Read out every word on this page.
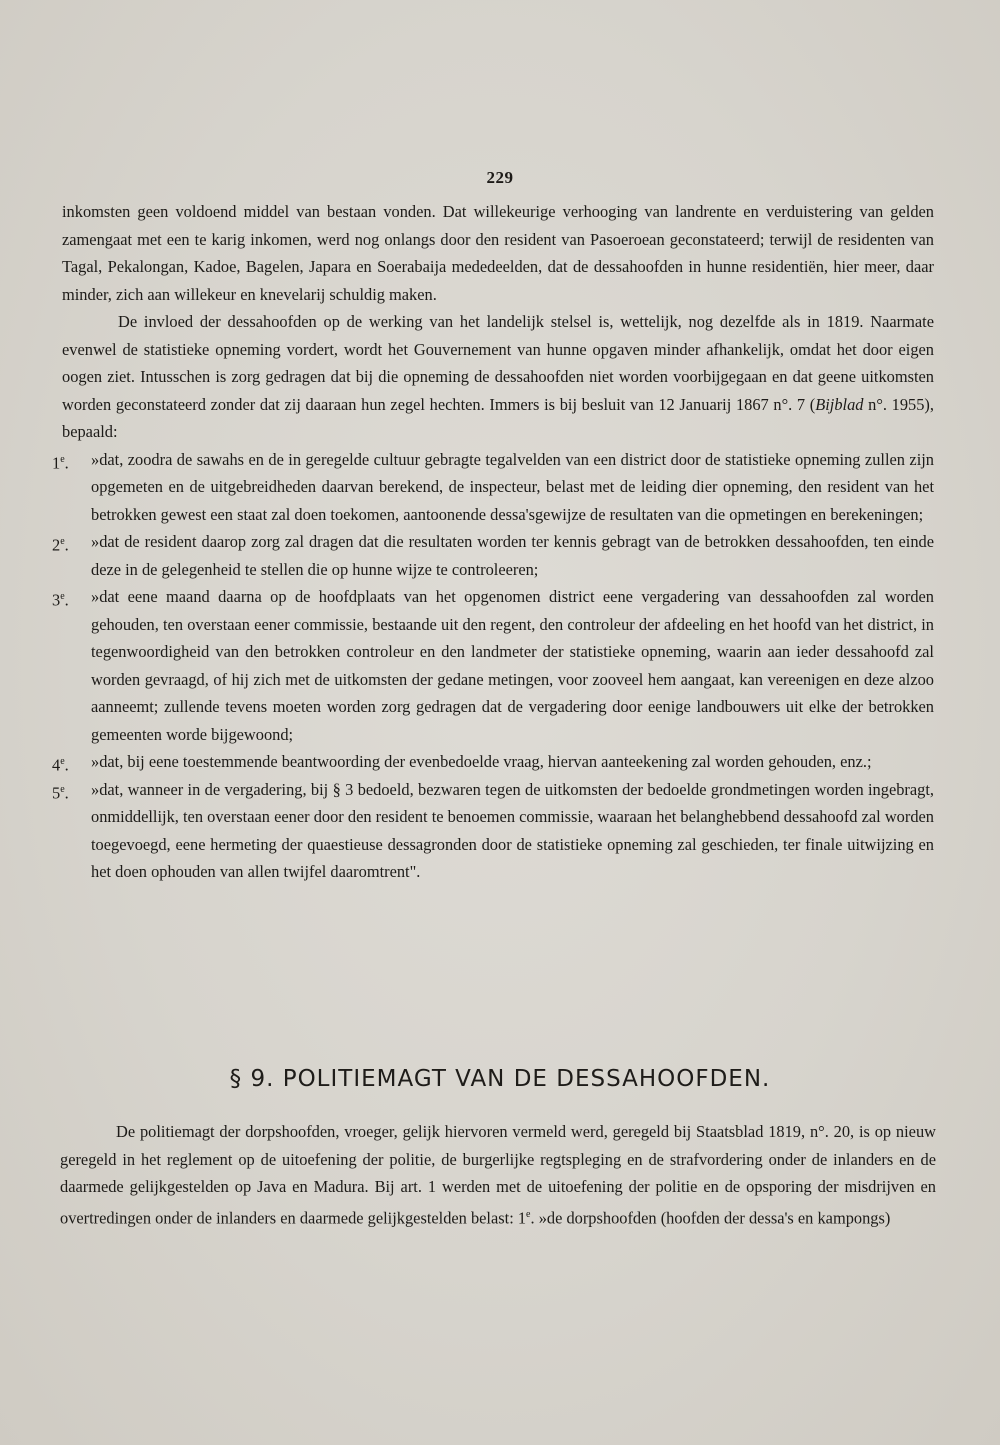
229

inkomsten geen voldoend middel van bestaan vonden. Dat willekeurige verhooging van landrente en verduistering van gelden zamengaat met een te karig inkomen, werd nog onlangs door den resident van Pasoeroean geconstateerd; terwijl de residenten van Tagal, Pekalongan, Kadoe, Bagelen, Japara en Soerabaija mededeelden, dat de dessahoofden in hunne residentiën, hier meer, daar minder, zich aan willekeur en knevelarij schuldig maken.

De invloed der dessahoofden op de werking van het landelijk stelsel is, wettelijk, nog dezelfde als in 1819. Naarmate evenwel de statistieke opneming vordert, wordt het Gouvernement van hunne opgaven minder afhankelijk, omdat het door eigen oogen ziet. Intusschen is zorg gedragen dat bij die opneming de dessahoofden niet worden voorbijgegaan en dat geene uitkomsten worden geconstateerd zonder dat zij daaraan hun zegel hechten. Immers is bij besluit van 12 Januarij 1867 n°. 7 (Bijblad n°. 1955), bepaald:

1e. »dat, zoodra de sawahs en de in geregelde cultuur gebragte tegalvelden van een district door de statistieke opneming zullen zijn opgemeten en de uitgebreidheden daarvan berekend, de inspecteur, belast met de leiding dier opneming, den resident van het betrokken gewest een staat zal doen toekomen, aantoonende dessa'sgewijze de resultaten van die opmetingen en berekeningen;

2e. »dat de resident daarop zorg zal dragen dat die resultaten worden ter kennis gebragt van de betrokken dessahoofden, ten einde deze in de gelegenheid te stellen die op hunne wijze te controleeren;

3e. »dat eene maand daarna op de hoofdplaats van het opgenomen district eene vergadering van dessahoofden zal worden gehouden, ten overstaan eener commissie, bestaande uit den regent, den controleur der afdeeling en het hoofd van het district, in tegenwoordigheid van den betrokken controleur en den landmeter der statistieke opneming, waarin aan ieder dessahoofd zal worden gevraagd, of hij zich met de uitkomsten der gedane metingen, voor zooveel hem aangaat, kan vereenigen en deze alzoo aanneemt; zullende tevens moeten worden zorg gedragen dat de vergadering door eenige landbouwers uit elke der betrokken gemeenten worde bijgewoond;

4e. »dat, bij eene toestemmende beantwoording der evenbedoelde vraag, hiervan aanteekening zal worden gehouden, enz.;

5e. »dat, wanneer in de vergadering, bij § 3 bedoeld, bezwaren tegen de uitkomsten der bedoelde grondmetingen worden ingebragt, onmiddellijk, ten overstaan eener door den resident te benoemen commissie, waaraan het belanghebbend dessahoofd zal worden toegevoegd, eene hermeting der quaestieuse dessagronden door de statistieke opneming zal geschieden, ter finale uitwijzing en het doen ophouden van allen twijfel daaromtrent".

§ 9. POLITIEMAGT VAN DE DESSAHOOFDEN.

De politiemagt der dorpshoofden, vroeger, gelijk hiervoren vermeld werd, geregeld bij Staatsblad 1819, n°. 20, is op nieuw geregeld in het reglement op de uitoefening der politie, de burgerlijke regtspleging en de strafvordering onder de inlanders en de daarmede gelijkgestelden op Java en Madura. Bij art. 1 werden met de uitoefening der politie en de opsporing der misdrijven en overtredingen onder de inlanders en daarmede gelijkgestelden belast: 1e. »de dorpshoofden (hoofden der dessa's en kampongs)
